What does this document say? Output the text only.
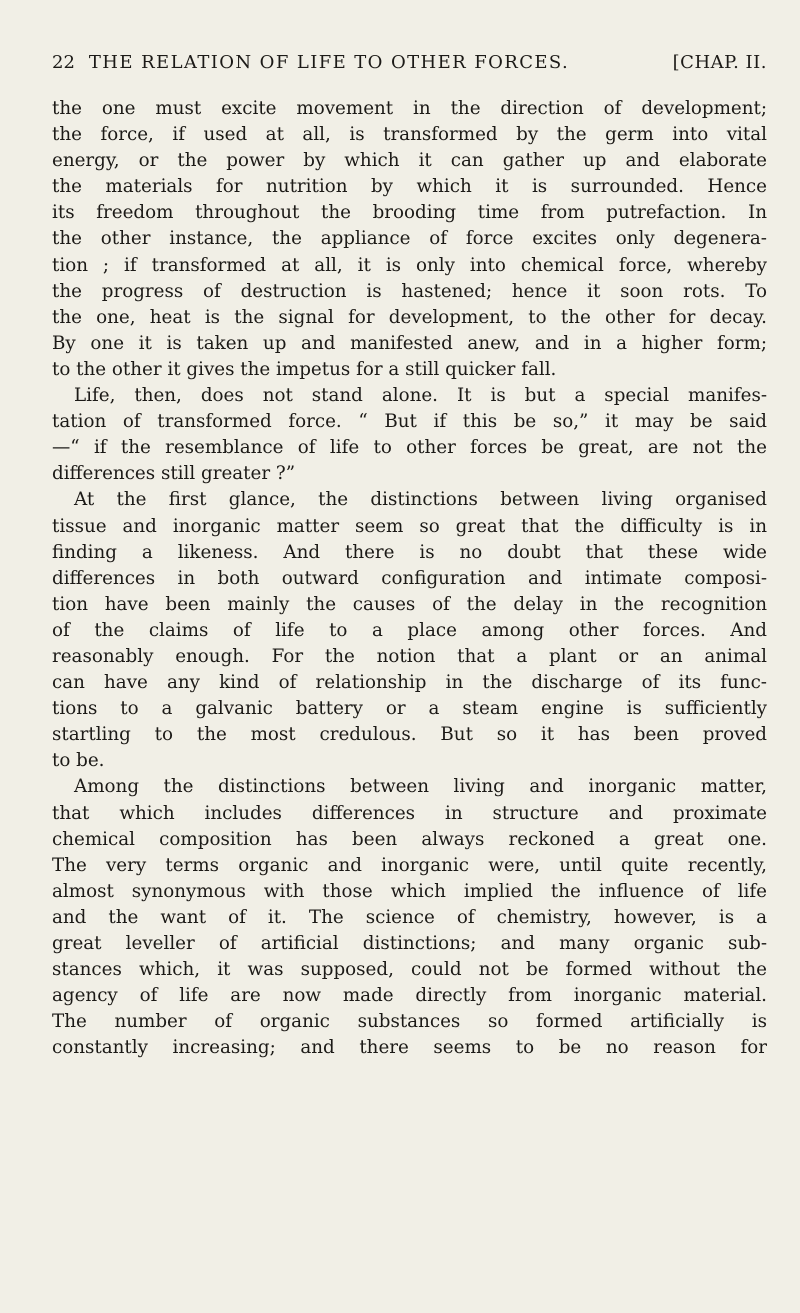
22 THE RELATION OF LIFE TO OTHER FORCES.	[CHAP. II.
the one must excite movement in the direction of development;
the force, if used at all, is transformed by the germ into vital
energy, or the power by which it can gather up and elaborate
the materials for nutrition by which it is surrounded. Hence
its freedom throughout the brooding time from putrefaction. In
the other instance, the appliance of force excites only degenera-
tion ; if transformed at all, it is only into chemical force, whereby
the progress of destruction is hastened; hence it soon rots. To
the one, heat is the signal for development, to the other for decay.
By one it is taken up and manifested anew, and in a higher form;
to the other it gives the impetus for a still quicker fall.
Life, then, does not stand alone. It is but a special manifes-
tation of transformed force. “ But if this be so,” it may be said
—“ if the resemblance of life to other forces be great, are not the
differences still greater ?”
At the first glance, the distinctions between living organised
tissue and inorganic matter seem so great that the difficulty is in
finding a likeness. And there is no doubt that these wide
differences in both outward configuration and intimate composi-
tion have been mainly the causes of the delay in the recognition
of the claims of life to a place among other forces. And
reasonably enough. For the notion that a plant or an animal
can have any kind of relationship in the discharge of its func-
tions to a galvanic battery or a steam engine is sufficiently
startling to the most credulous. But so it has been proved
to be.
Among the distinctions between living and inorganic matter,
that which includes differences in structure and proximate
chemical composition has been always reckoned a great one.
The very terms organic and inorganic were, until quite recently,
almost synonymous with those which implied the influence of life
and the want of it. The science of chemistry, however, is a
great leveller of artificial distinctions; and many organic sub-
stances which, it was supposed, could not be formed without the
agency of life are now made directly from inorganic material.
The number of organic substances so formed artificially is
constantly increasing; and there seems to be no reason for
